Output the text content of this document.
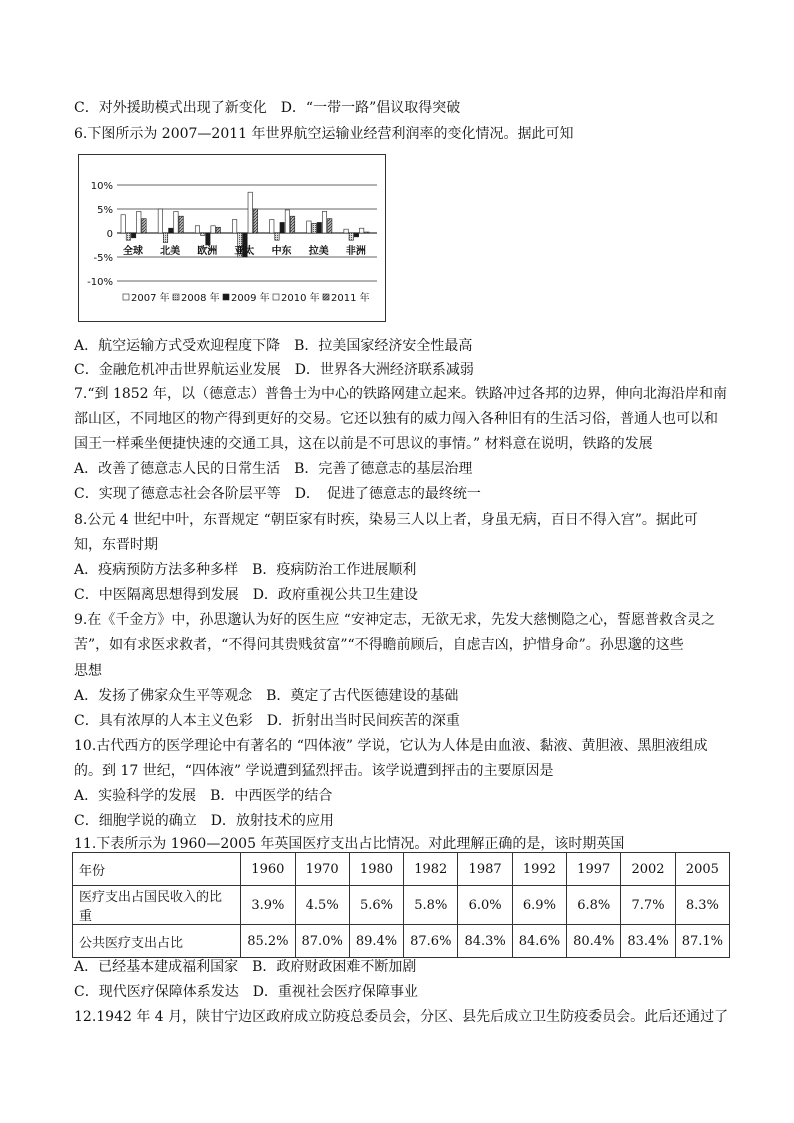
C．对外援助模式出现了新变化　D．“一带一路”倡议取得突破
6.下图所示为 2007—2011 年世界航空运输业经营利润率的变化情况。据此可知
10%
5%
0
-5%
-10%
全球 北美 欧洲 亚太 中东 拉美 非洲
2007 年 2008 年 2009 年 2010 年 2011 年
A．航空运输方式受欢迎程度下降　B．拉美国家经济安全性最高
C．金融危机冲击世界航运业发展　D．世界各大洲经济联系减弱
7.“到 1852 年，以（德意志）普鲁士为中心的铁路网建立起来。铁路冲过各邦的边界，伸向北海沿岸和南
部山区，不同地区的物产得到更好的交易。它还以独有的威力闯入各种旧有的生活习俗，普通人也可以和
国王一样乘坐便捷快速的交通工具，这在以前是不可思议的事情。” 材料意在说明，铁路的发展
A．改善了德意志人民的日常生活　B．完善了德意志的基层治理
C．实现了德意志社会各阶层平等　D．　促进了德意志的最终统一
8.公元 4 世纪中叶，东晋规定 “朝臣家有时疾，染易三人以上者，身虽无病，百日不得入宫”。据此可
知，东晋时期
A．疫病预防方法多种多样　B．疫病防治工作进展顺利
C．中医隔离思想得到发展　D．政府重视公共卫生建设
9.在《千金方》中，孙思邈认为好的医生应 “安神定志，无欲无求，先发大慈恻隐之心，誓愿普救含灵之
苦”，如有求医求救者，“不得问其贵贱贫富”“不得瞻前顾后，自虑吉凶，护惜身命”。孙思邈的这些
思想
A．发扬了佛家众生平等观念　B．奠定了古代医德建设的基础
C．具有浓厚的人本主义色彩　D．折射出当时民间疾苦的深重
10.古代西方的医学理论中有著名的 “四体液” 学说，它认为人体是由血液、黏液、黄胆液、黑胆液组成
的。到 17 世纪，“四体液” 学说遭到猛烈抨击。该学说遭到抨击的主要原因是
A．实验科学的发展　B．中西医学的结合
C．细胞学说的确立　D．放射技术的应用
11.下表所示为 1960—2005 年英国医疗支出占比情况。对此理解正确的是，该时期英国
年份	1960	1970	1980	1982	1987	1992	1997	2002	2005
医疗支出占国民收入的比重	3.9%	4.5%	5.6%	5.8%	6.0%	6.9%	6.8%	7.7%	8.3%
公共医疗支出占比	85.2%	87.0%	89.4%	87.6%	84.3%	84.6%	80.4%	83.4%	87.1%
A．已经基本建成福利国家　B．政府财政困难不断加剧
C．现代医疗保障体系发达　D．重视社会医疗保障事业
12.1942 年 4 月，陕甘宁边区政府成立防疫总委员会，分区、县先后成立卫生防疫委员会。此后还通过了
